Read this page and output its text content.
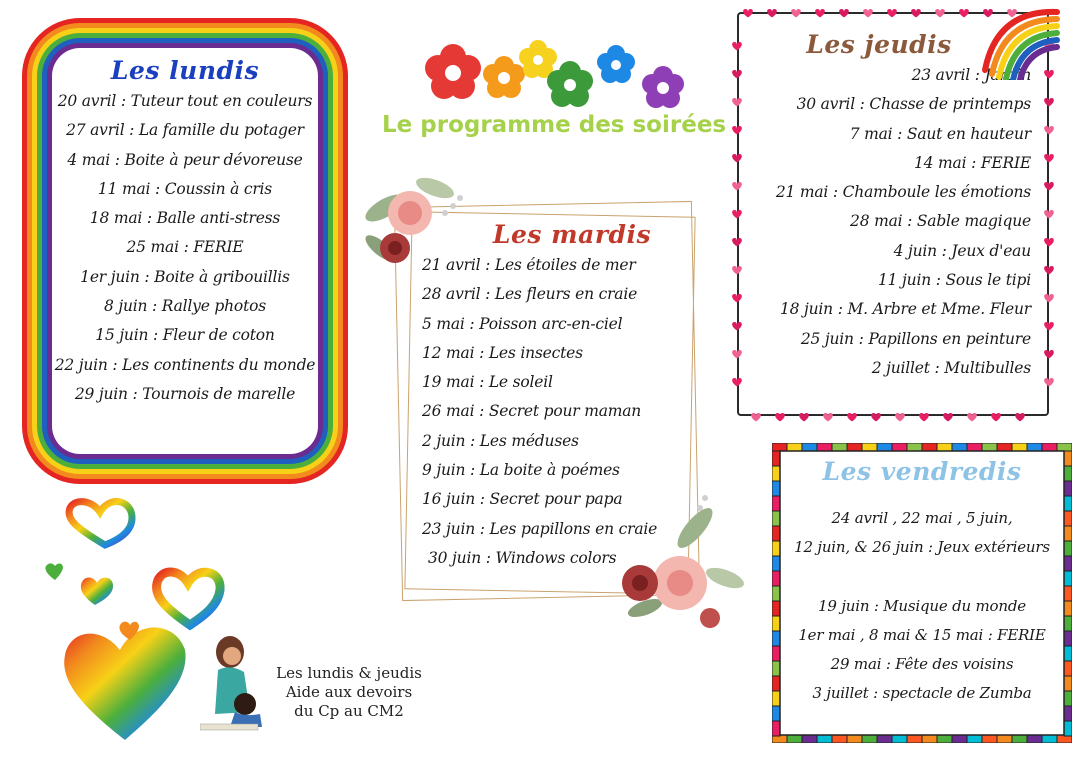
Le programme des soirées
Les lundis
20 avril : Tuteur tout en couleurs
27 avril : La famille du potager
4 mai : Boite à peur dévoreuse
11 mai : Coussin à cris
18 mai : Balle anti-stress
25 mai : FERIE
1er juin : Boite à gribouillis
8 juin : Rallye photos
15 juin : Fleur de coton
22 juin : Les continents du monde
29 juin : Tournois de marelle
Les mardis
21 avril : Les étoiles de mer
28 avril : Les fleurs en craie
5 mai : Poisson arc-en-ciel
12 mai : Les insectes
19 mai : Le soleil
26 mai : Secret pour maman
2 juin : Les méduses
9 juin : La boite à poémes
16 juin : Secret pour papa
23 juin : Les papillons en craie
30 juin : Windows colors
Les jeudis
23 avril : Jardin
30 avril : Chasse de printemps
7 mai : Saut en hauteur
14 mai : FERIE
21 mai : Chamboule les émotions
28 mai : Sable magique
4 juin : Jeux d'eau
11 juin : Sous le tipi
18 juin : M. Arbre et Mme. Fleur
25 juin : Papillons en peinture
2 juillet : Multibulles
Les vendredis
24 avril , 22 mai , 5 juin,
12 juin, & 26 juin : Jeux extérieurs
19 juin : Musique du monde
1er mai , 8 mai & 15 mai : FERIE
29 mai : Fête des voisins
3 juillet : spectacle de Zumba
Les lundis & jeudis
Aide aux devoirs
du Cp au CM2
